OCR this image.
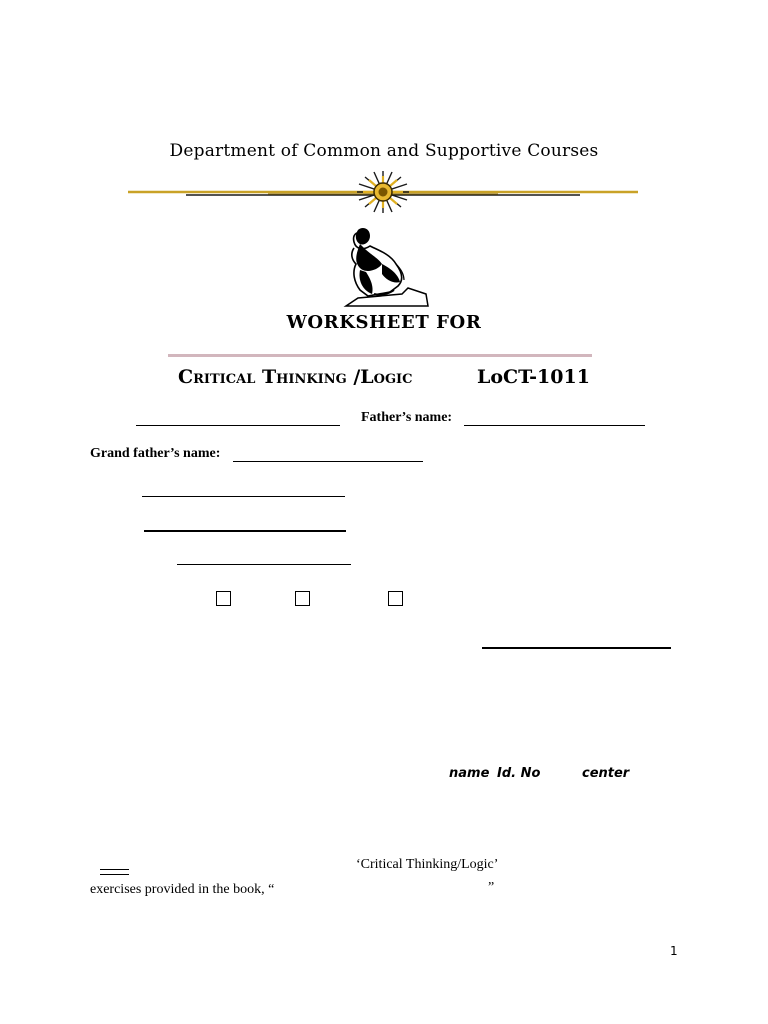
Department of Common and Supportive Courses
WORKSHEET FOR
Critical Thinking /Logic	LoCT-1011
Father’s name:
Grand father’s name:
name Id. No	center
‘Critical Thinking/Logic’
exercises provided in the book, “	”
1
